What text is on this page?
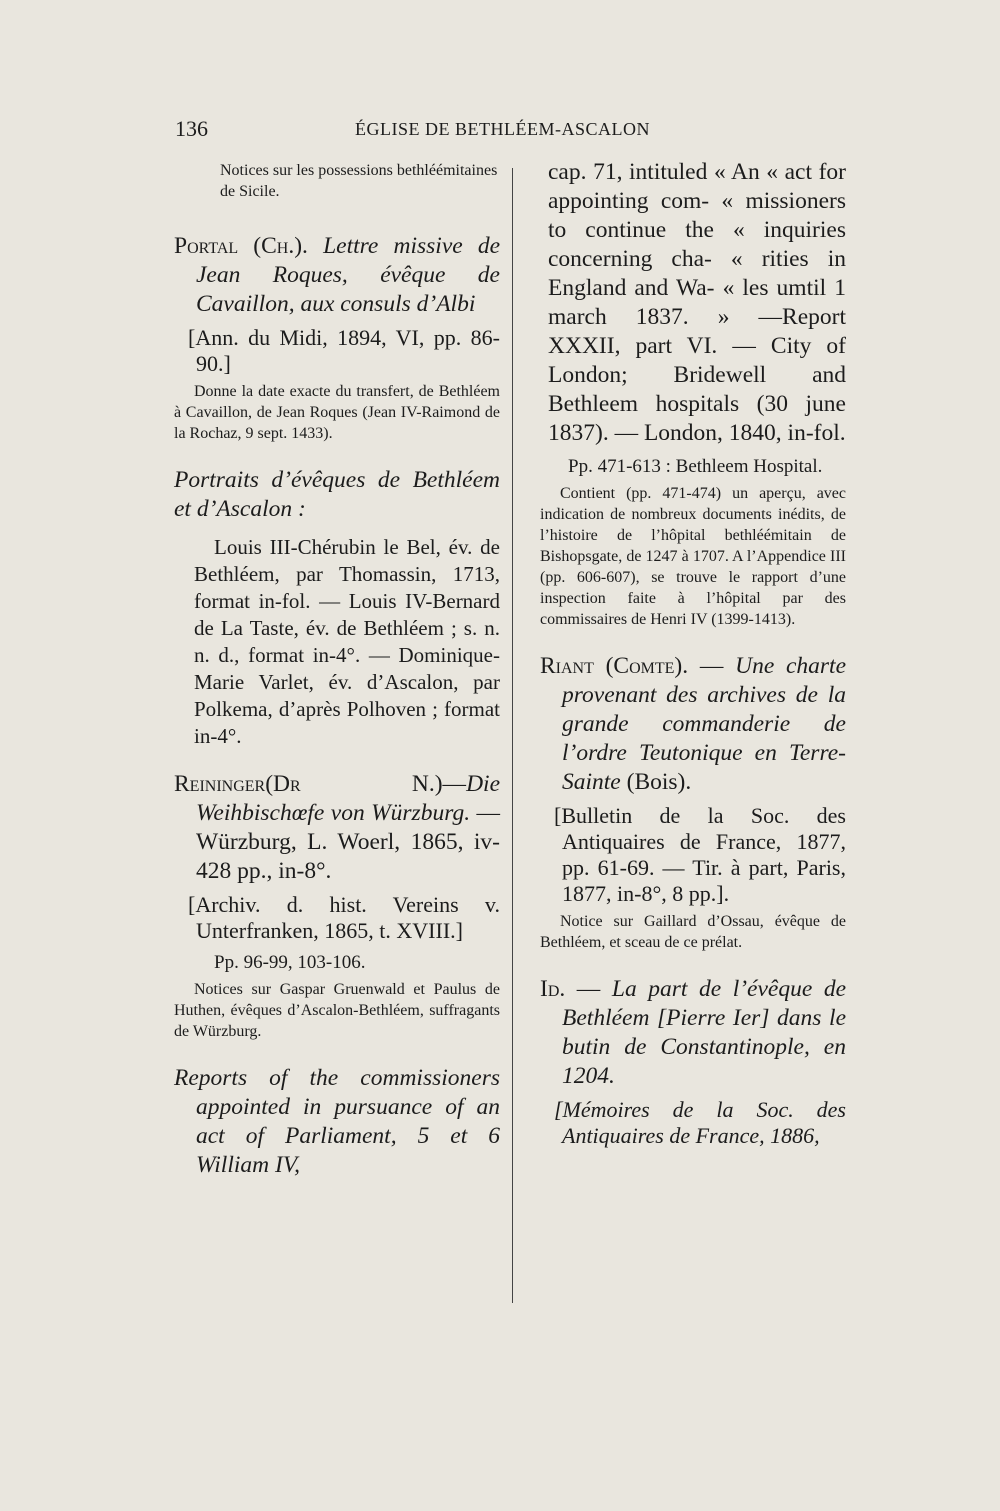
136	ÉGLISE DE BETHLÉEM-ASCALON

Notices sur les possessions bethléémitaines de Sicile.

Portal (Ch.). Lettre missive de Jean Roques, évêque de Cavaillon, aux consuls d’Albi

[Ann. du Midi, 1894, VI, pp. 86-90.]

Donne la date exacte du transfert, de Bethléem à Cavaillon, de Jean Roques (Jean IV-Raimond de la Rochaz, 9 sept. 1433).

Portraits d’évêques de Bethléem et d’Ascalon :

Louis III-Chérubin le Bel, év. de Bethléem, par Thomassin, 1713, format in-fol. — Louis IV-Bernard de La Taste, év. de Bethléem ; s. n. n. d., format in-4°. — Dominique-Marie Varlet, év. d’Ascalon, par Polkema, d’après Polhoven ; format in-4°.

Reininger(Dr N.)—Die Weihbischœfe von Würzburg. — Würzburg, L. Woerl, 1865, iv-428 pp., in-8°.

[Archiv. d. hist. Vereins v. Unterfranken, 1865, t. XVIII.]

Pp. 96-99, 103-106.

Notices sur Gaspar Gruenwald et Paulus de Huthen, évêques d’Ascalon-Bethléem, suffragants de Würzburg.

Reports of the commissioners appointed in pursuance of an act of Parliament, 5 et 6 William IV,
cap. 71, intituled « An « act for appointing com- « missioners to continue the « inquiries concerning cha- « rities in England and Wa- « les umtil 1 march 1837. » —Report XXXII, part VI. — City of London; Bridewell and Bethleem hospitals (30 june 1837). — London, 1840, in-fol.

Pp. 471-613 : Bethleem Hospital.

Contient (pp. 471-474) un aperçu, avec indication de nombreux documents inédits, de l’histoire de l’hôpital bethléémitain de Bishopsgate, de 1247 à 1707. A l’Appendice III (pp. 606-607), se trouve le rapport d’une inspection faite à l’hôpital par des commissaires de Henri IV (1399-1413).

Riant (Comte). — Une charte provenant des archives de la grande commanderie de l’ordre Teutonique en Terre-Sainte (Bois).

[Bulletin de la Soc. des Antiquaires de France, 1877, pp. 61-69. — Tir. à part, Paris, 1877, in-8°, 8 pp.].

Notice sur Gaillard d’Ossau, évêque de Bethléem, et sceau de ce prélat.

Id. — La part de l’évêque de Bethléem [Pierre Ier] dans le butin de Constantinople, en 1204.

[Mémoires de la Soc. des Antiquaires de France, 1886,
